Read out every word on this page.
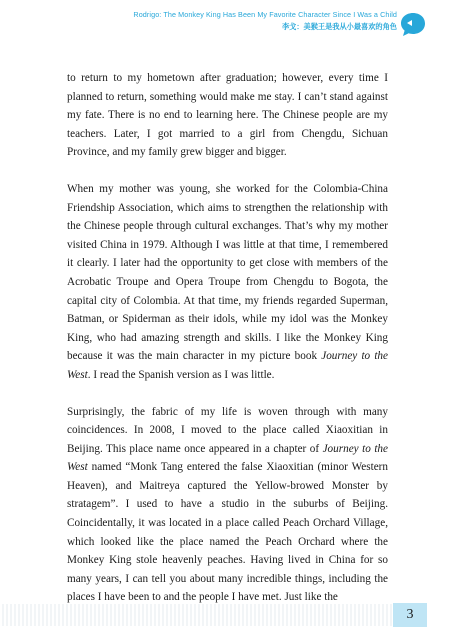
Rodrigo: The Monkey King Has Been My Favorite Character Since I Was a Child
李戈：美猴王是我从小最喜欢的角色

to return to my hometown after graduation; however, every time I planned to return, something would make me stay. I can’t stand against my fate. There is no end to learning here. The Chinese people are my teachers. Later, I got married to a girl from Chengdu, Sichuan Province, and my family grew bigger and bigger.

When my mother was young, she worked for the Colombia-China Friendship Association, which aims to strengthen the relationship with the Chinese people through cultural exchanges. That’s why my mother visited China in 1979. Although I was little at that time, I remembered it clearly. I later had the opportunity to get close with members of the Acrobatic Troupe and Opera Troupe from Chengdu to Bogota, the capital city of Colombia. At that time, my friends regarded Superman, Batman, or Spiderman as their idols, while my idol was the Monkey King, who had amazing strength and skills. I like the Monkey King because it was the main character in my picture book Journey to the West. I read the Spanish version as I was little.

Surprisingly, the fabric of my life is woven through with many coincidences. In 2008, I moved to the place called Xiaoxitian in Beijing. This place name once appeared in a chapter of Journey to the West named “Monk Tang entered the false Xiaoxitian (minor Western Heaven), and Maitreya captured the Yellow-browed Monster by stratagem”. I used to have a studio in the suburbs of Beijing. Coincidentally, it was located in a place called Peach Orchard Village, which looked like the place named the Peach Orchard where the Monkey King stole heavenly peaches. Having lived in China for so many years, I can tell you about many incredible things, including the places I have been to and the people I have met. Just like the

3
